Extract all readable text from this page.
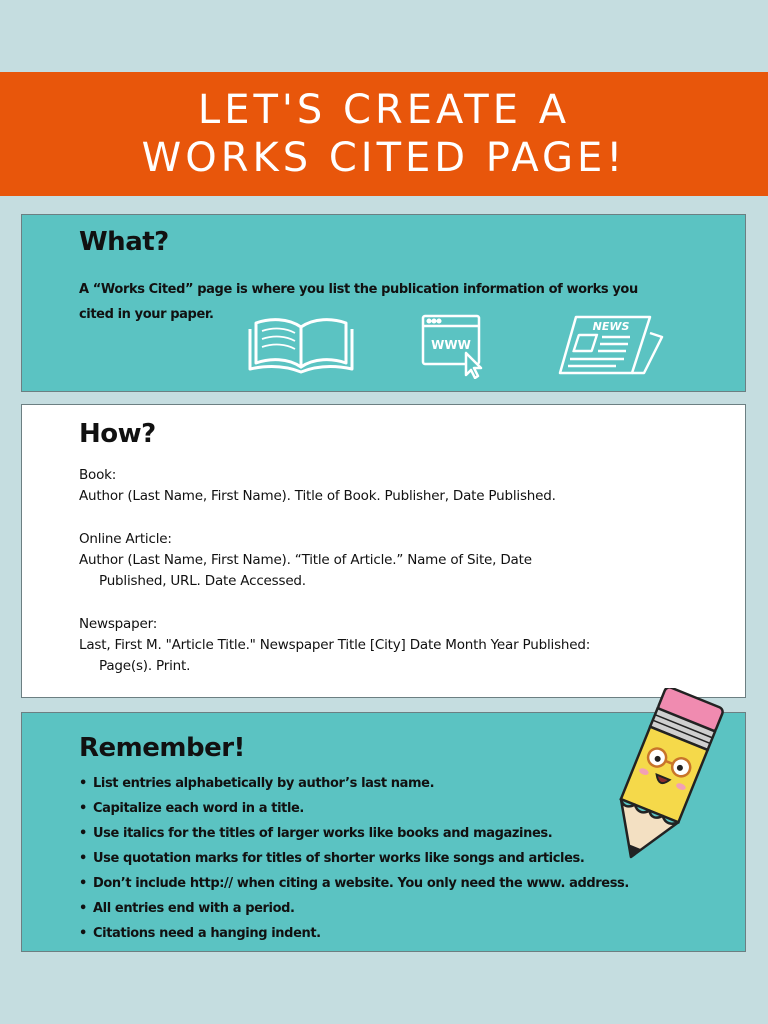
LET'S CREATE A
WORKS CITED PAGE!
What?
A “Works Cited” page is where you list the publication information of works you
cited in your paper.
WWW
NEWS
How?
Book:
Author (Last Name, First Name). Title of Book. Publisher, Date Published.
Online Article:
Author (Last Name, First Name). “Title of Article.” Name of Site, Date
Published, URL. Date Accessed.
Newspaper:
Last, First M. "Article Title." Newspaper Title [City] Date Month Year Published:
Page(s). Print.
Remember!
• List entries alphabetically by author’s last name.
• Capitalize each word in a title.
• Use italics for the titles of larger works like books and magazines.
• Use quotation marks for titles of shorter works like songs and articles.
• Don’t include http:// when citing a website. You only need the www. address.
• All entries end with a period.
• Citations need a hanging indent.
